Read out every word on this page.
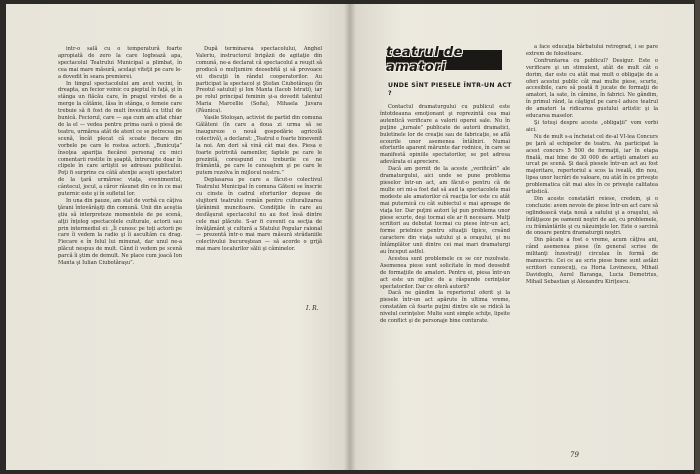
intr-o sală cu o temperatură foarte apropiată de zero la care loghează apa, spectacolul Teatrului Municipal a plimbat, în cea mai mare măsură, acelaşi viteţii pe care le-a dovedit în seara premierei.

In timpul spectacolului am avut vecini, în dreapta, un fecior voinic cu pieptul în faţă, şi în stânga un flăcău care, în pragul virstei de a merge la cătănie, lăsa în stânga, o femeie care trebuie să fi fost de mult învestită cu titlul de bunică. Feciorul, care — aşa cum am aflat chiar de la el — vedea pentru prima oară o piesă de teatru, urmărea atât de atent ce se petrecea pe scenă, încât plecat că scoate fiecare din vorbele pe care le rostea actorii. „Bunicuţa” însoţea apariţia fiecărei personaj cu mici comentarii rostite în şoaptă, întrerupte doar în clipele în care artiştii se adresau publicului. Poţi fi surprins cu câtă atenţie aceşti spectatori de la ţară urmăresc viaţa, evenimentul, cântecul, jocul, a căror răsunet din ce în ce mai puternic este şi în sufletul lor.

In una din pauze, am stat de vorbă cu câţiva ţărani întovărăşiţi din comună. Unii din aceştia ştiu să interpreteze momentele de pe scenă, alţii înţeleg spectacolele culturale, actorii sau prin intermediul ei: „Îi cunosc pe toţi actorii pe care îi vedem la radio şi îi ascultăm cu drag. Fiecare e în felul lui minunat, dar unul ne-a plăcut nespus de mult. Când îi vedem pe scenă parcă îi ştim de demult. Ne place cum joacă Ion Manta şi Iulian Ciubotăraşu”.

După terminarea spectacolului, Anghel Valeriu, instructorul brigăzii de agitaţie din comună, ne-a declarat că spectacolul a reuşit să producă o mulţumire deosebită şi să provoace vii discuţii în rândul cooperatorilor. Au participat la spectacol şi Ştefan Ciubotăraşu (în Preotul satului) şi Ion Manta (Iacob Istrati), iar pe rolul principal feminin şi-a dovedit talentul Maria Marcellie (Sofia), Mihaela Juvara (Pâunica).

Vasile Stoloşan, activist de partid din comuna Gălăteni (în care a doua zi urma să se inaugureze o nouă gospodărie agricolă colectivă), a declarat: „Teatrul e foarte binevenit la noi. Am dori să vină cât mai des. Piesa e foarte potrivită oamenilor, faptele pe care le prezintă, corespund cu treburile ce ne frământă, pe care le cunoaştem şi pe care le putem rezolva în mijlocul nostru.”

Deplasarea pe care a făcut-o colectivul Teatrului Municipal în comuna Găteni se înscrie cu cinste în cadrul eforturilor depuse de slujitorii teatrului român pentru culturalizarea ţărănimii muncitoare. Condiţiile în care au desfăşurat spectacolul nu au fost însă dintre cele mai plăcute. S-ar fi cuvenit ca secţia de învăţământ şi cultură a Sfatului Popular raional — prezentă într-o mai mare măsură strădaniile colectivului bucureştean — să acorde o grijă mai mare localurilor sălii şi căminelor.

I. R.
teatrul de amatori
UNDE SÎNT PIESELE ÎNTR-UN ACT ?

Contactul dramaturgului cu publicul este întotdeauna emoţionant şi reprezintă cea mai autentică verificare a valorii operei sale. Nu în puţine „jurnale” publicate de autorii dramatici, buletinele lor de creaţie sau de fabricaţie, se află ecourile unor asemenea întâlniri. Numai eforturile aparent mărunte dar rodnice, în care se manifestă opiniile spectatorilor, se pot adresa adevărata ei apreciere.

Dacă am pornit de la aceste „verificări” ale dramaturgului, aici unde se pune problema pieselor într-un act, am făcut-o pentru că de multe ori mi-a fost dat să aud la spectacolele mai modeste ale amatorilor că reacţia lor este cu atât mai puternică cu cât subiectul e mai aproape de viaţa lor. Dar puţini autori îşi pun problema unor piese scurte, deşi tocmai ele ar fi necesare. Mulţi scriitori au debutat tocmai cu piese într-un act, forme prielnice pentru situaţii tipice, creând caractere din viaţa satului şi a oraşului, şi nu întâmplător unii dintre cei mai mari dramaturgi au început astfel.

Acestea sunt problemele ce se cer rezolvate. Asemenea piese sunt solicitate în mod deosebit de formaţiile de amatori. Pentru ei, piesa într-un act este un mijloc de a răspunde cerinţelor spectatorilor. Dar ce oferă autorii?

Dacă ne gândim la repertoriul oferit şi la piesele într-un act apărute în ultima vreme, constatăm că foarte puţini dintre ele se ridică la nivelul cerinţelor. Multe sunt simple schiţe, lipsite de conflict şi de personaje bine conturate.

a face educaţia bărbatului retrograd, i se pare extrem de folositoare.

Confruntarea cu publicul? Desigur. Este o verificare şi un stimulent, atât de mult cât o dorim, dar este cu atât mai mult o obligaţie de a oferi acestui public cât mai multe piese, scurte, accesibile, care să poată fi jucate de formaţii de amatori, la sate, în cămine, în fabrici. Ne gândim, în primul rând, la câştigul pe care-l aduce teatrul de amatori la ridicarea gustului artistic şi la educarea maselor.

Şi totuşi despre aceste „obligaţii” vom vorbi aici.

Nu de mult s-a încheiat cel de-al VI-lea Concurs pe ţară al echipelor de teatru. Au participat la acest concurs 5 500 de formaţii, iar în etapa finală, mai bine de 30 000 de artişti amatori au urcat pe scenă. Şi dacă piesele într-un act au fost majoritare, repertoriul a scos la iveală, din nou, lipsa unor lucrări de valoare, nu atât în ce priveşte problematica cât mai ales în ce priveşte calitatea artistică.

Din aceste constatări reiese, credem, şi o concluzie: avem nevoie de piese într-un act care să oglindească viaţa nouă a satului şi a oraşului, să înfăţişeze pe oamenii noştri de azi, cu problemele, cu frământările şi cu năzuinţele lor. Este o sarcină de onoare pentru dramaturgii noştri.

Din păcate a fost o vreme, acum câţiva ani, când asemenea piese (în general scrise de militanţi înzestraţi) circulau în formă de manuscris. Cei ce au scris piese bune sunt astăzi scriitori cunoscuţi, ca Horia Lovinescu, Mihail Davidoglu, Aurel Baranga, Lucia Demetrius, Mihail Sebastian şi Alexandru Kiriţescu.

79
